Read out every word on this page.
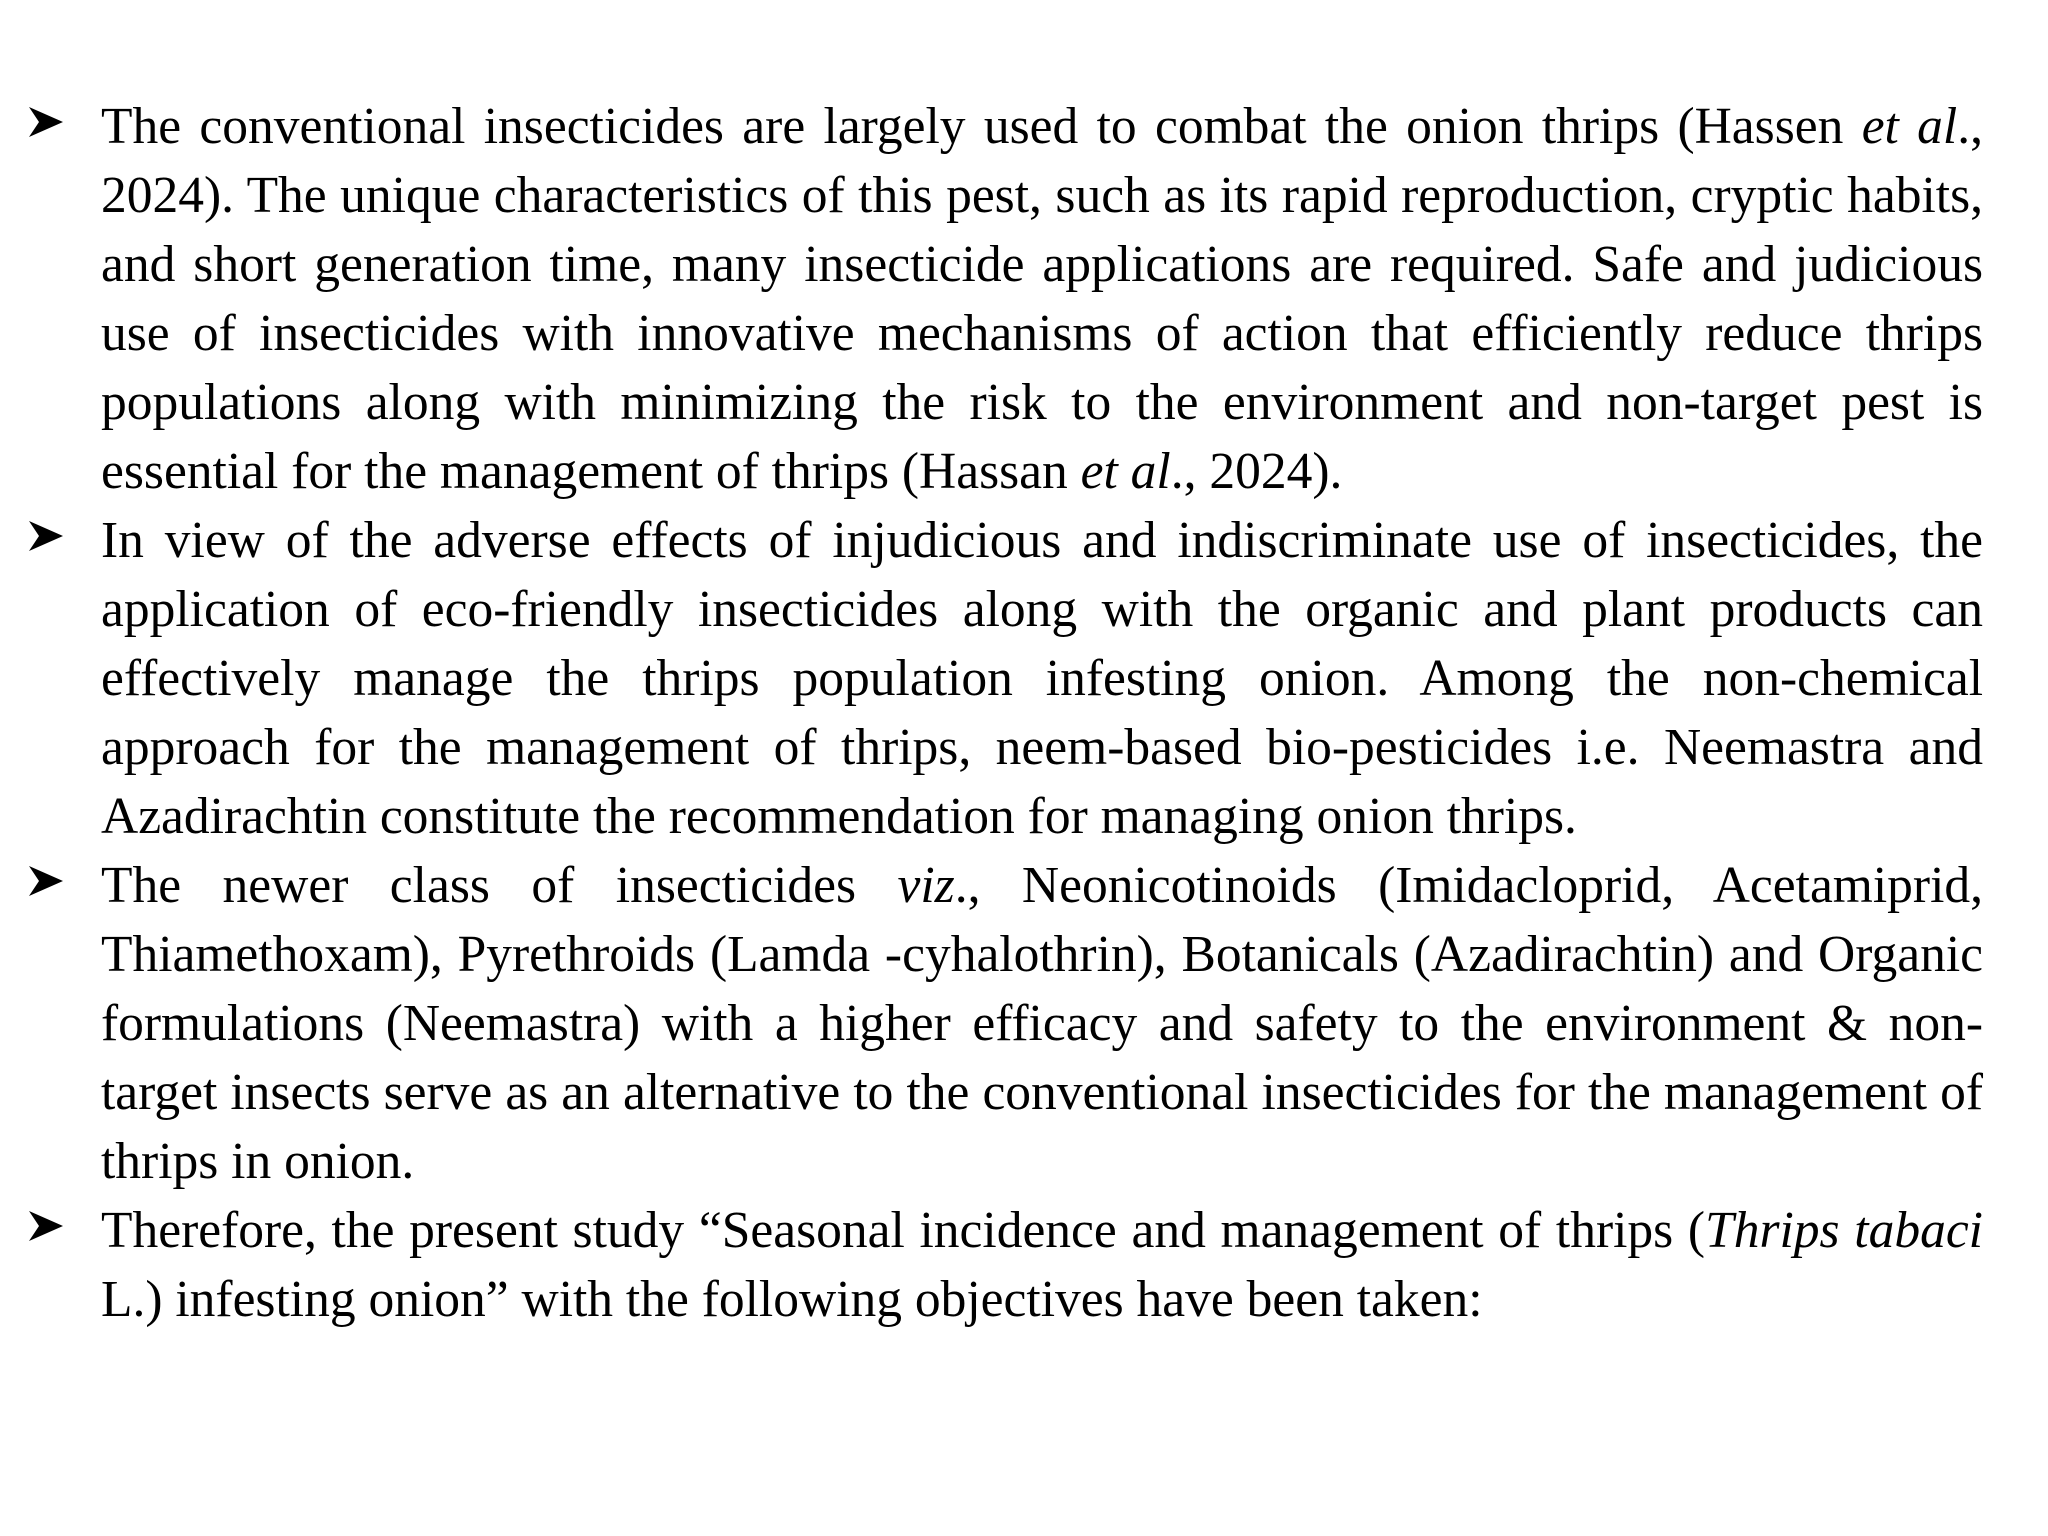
The conventional insecticides are largely used to combat the onion thrips (Hassen et al., 2024). The unique characteristics of this pest, such as its rapid reproduction, cryptic habits, and short generation time, many insecticide applications are required. Safe and judicious use of insecticides with innovative mechanisms of action that efficiently reduce thrips populations along with minimizing the risk to the environment and non-target pest is essential for the management of thrips (Hassan et al., 2024).
In view of the adverse effects of injudicious and indiscriminate use of insecticides, the application of eco-friendly insecticides along with the organic and plant products can effectively manage the thrips population infesting onion. Among the non-chemical approach for the management of thrips, neem-based bio-pesticides i.e. Neemastra and Azadirachtin constitute the recommendation for managing onion thrips.
The newer class of insecticides viz., Neonicotinoids (Imidacloprid, Acetamiprid, Thiamethoxam), Pyrethroids (Lamda -cyhalothrin), Botanicals (Azadirachtin) and Organic formulations (Neemastra) with a higher efficacy and safety to the environment & non-target insects serve as an alternative to the conventional insecticides for the management of thrips in onion.
Therefore, the present study “Seasonal incidence and management of thrips (Thrips tabaci L.) infesting onion” with the following objectives have been taken:
